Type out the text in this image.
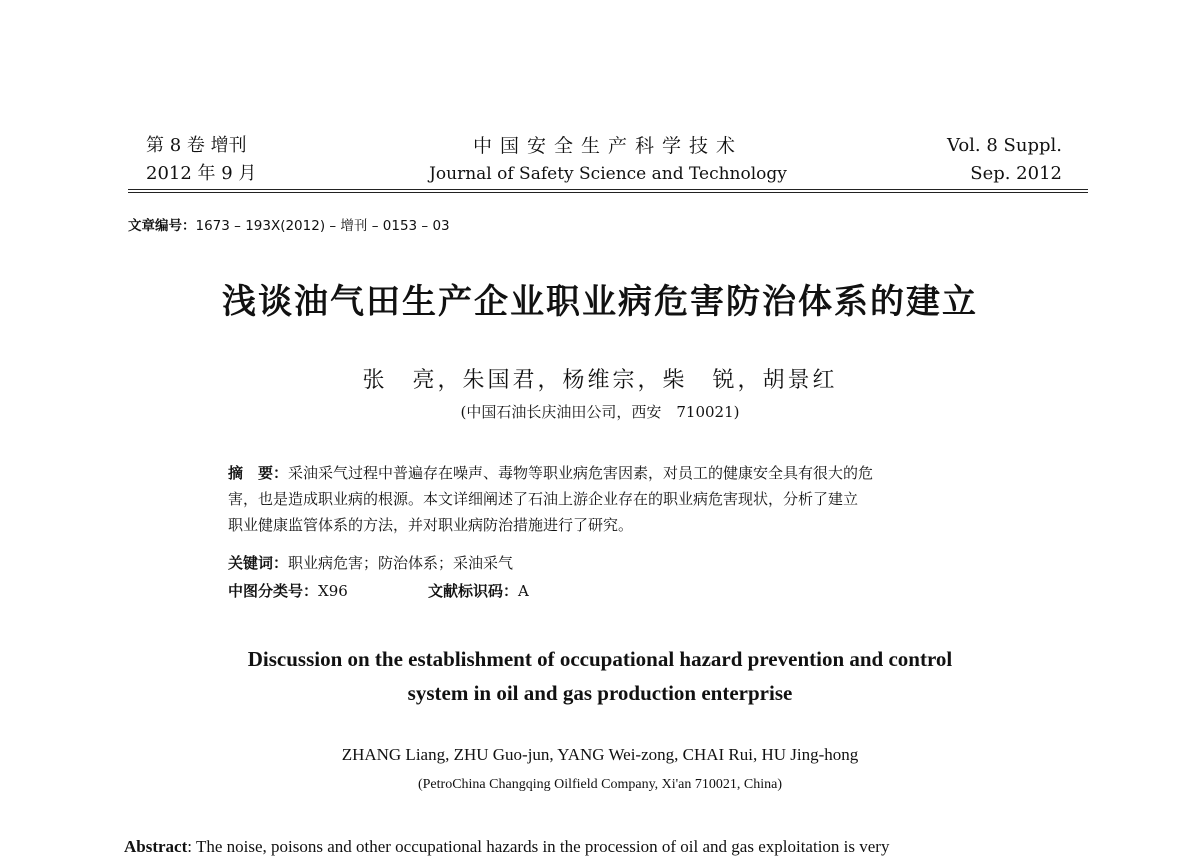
第 8 卷 增刊
2012 年 9 月
中国安全生产科学技术
Journal of Safety Science and Technology
Vol. 8 Suppl.
Sep. 2012
文章编号：1673 – 193X(2012) – 增刊 – 0153 – 03
浅谈油气田生产企业职业病危害防治体系的建立
张　亮，朱国君，杨维宗，柴　锐，胡景红
(中国石油长庆油田公司，西安　710021)
摘　要：采油采气过程中普遍存在噪声、毒物等职业病危害因素，对员工的健康安全具有很大的危
害，也是造成职业病的根源。本文详细阐述了石油上游企业存在的职业病危害现状，分析了建立
职业健康监管体系的方法，并对职业病防治措施进行了研究。
关键词：职业病危害；防治体系；采油采气
中图分类号：X96	文献标识码：A
Discussion on the establishment of occupational hazard prevention and control
system in oil and gas production enterprise
ZHANG Liang, ZHU Guo-jun, YANG Wei-zong, CHAI Rui, HU Jing-hong
(PetroChina Changqing Oilfield Company, Xi'an 710021, China)
Abstract: The noise, poisons and other occupational hazards in the procession of oil and gas exploitation is very
